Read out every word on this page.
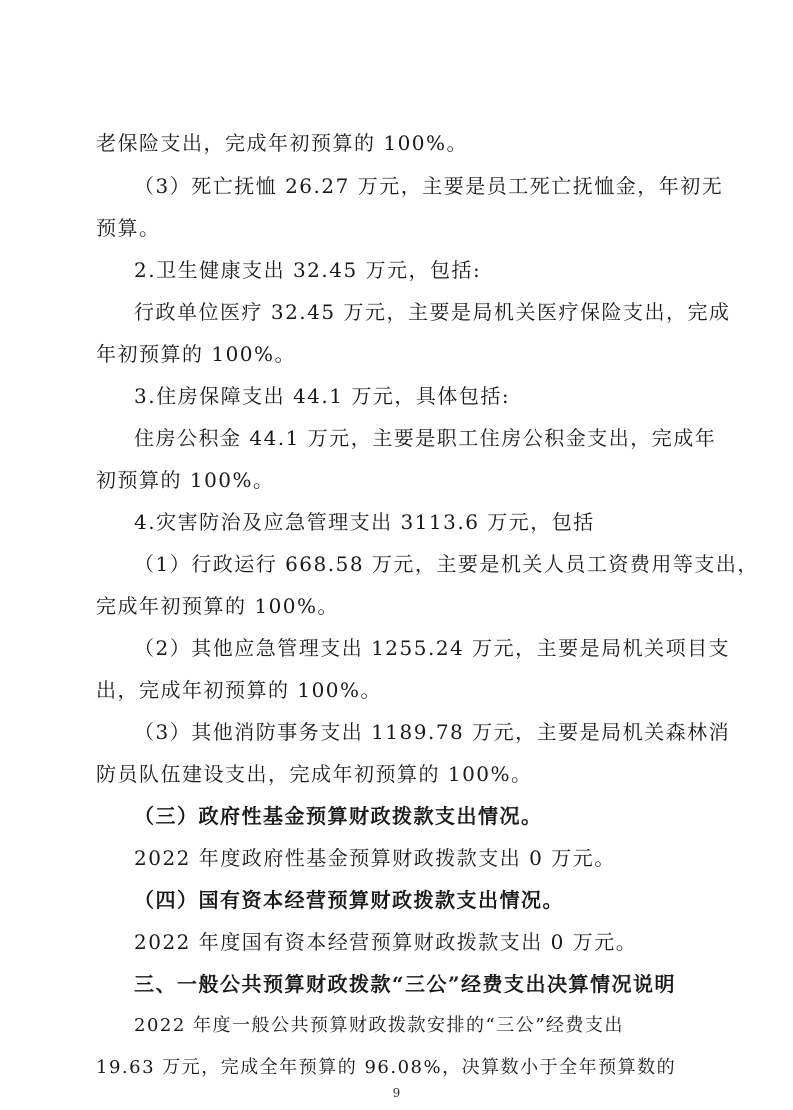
老保险支出，完成年初预算的 100%。
（3）死亡抚恤 26.27 万元，主要是员工死亡抚恤金，年初无
预算。
2.卫生健康支出 32.45 万元，包括:
行政单位医疗 32.45 万元，主要是局机关医疗保险支出，完成
年初预算的 100%。
3.住房保障支出 44.1 万元，具体包括:
住房公积金 44.1 万元，主要是职工住房公积金支出，完成年
初预算的 100%。
4.灾害防治及应急管理支出 3113.6 万元，包括
（1）行政运行 668.58 万元，主要是机关人员工资费用等支出，
完成年初预算的 100%。
（2）其他应急管理支出 1255.24 万元，主要是局机关项目支
出，完成年初预算的 100%。
（3）其他消防事务支出 1189.78 万元，主要是局机关森林消
防员队伍建设支出，完成年初预算的 100%。
（三）政府性基金预算财政拨款支出情况。
2022 年度政府性基金预算财政拨款支出 0 万元。
（四）国有资本经营预算财政拨款支出情况。
2022 年度国有资本经营预算财政拨款支出 0 万元。
三、一般公共预算财政拨款“三公”经费支出决算情况说明
2022 年度一般公共预算财政拨款安排的“三公”经费支出
19.63 万元，完成全年预算的 96.08%，决算数小于全年预算数的
9
